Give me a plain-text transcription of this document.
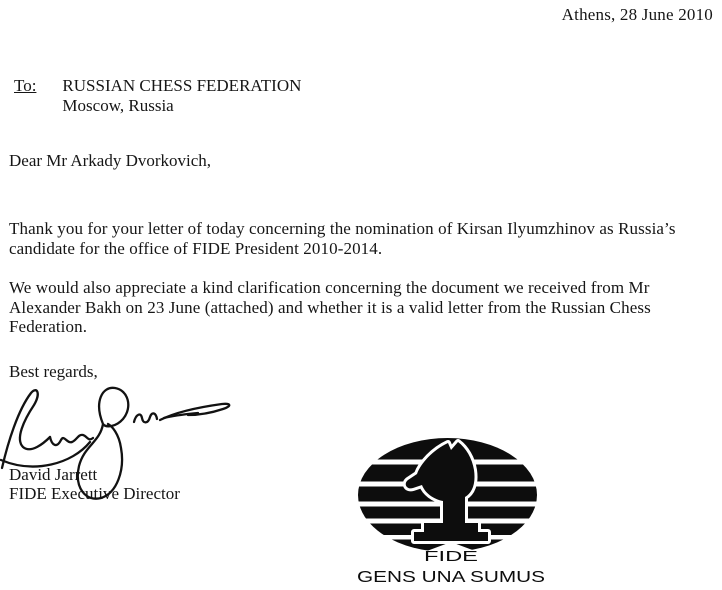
Athens, 28 June 2010
To: RUSSIAN CHESS FEDERATION
Moscow, Russia
Dear Mr Arkady Dvorkovich,

Thank you for your letter of today concerning the nomination of Kirsan Ilyumzhinov as Russia’s candidate for the office of FIDE President 2010-2014.

We would also appreciate a kind clarification concerning the document we received from Mr Alexander Bakh on 23 June (attached) and whether it is a valid letter from the Russian Chess Federation.

Best regards,
David Jarrett
FIDE Executive Director
FIDE
GENS UNA SUMUS
